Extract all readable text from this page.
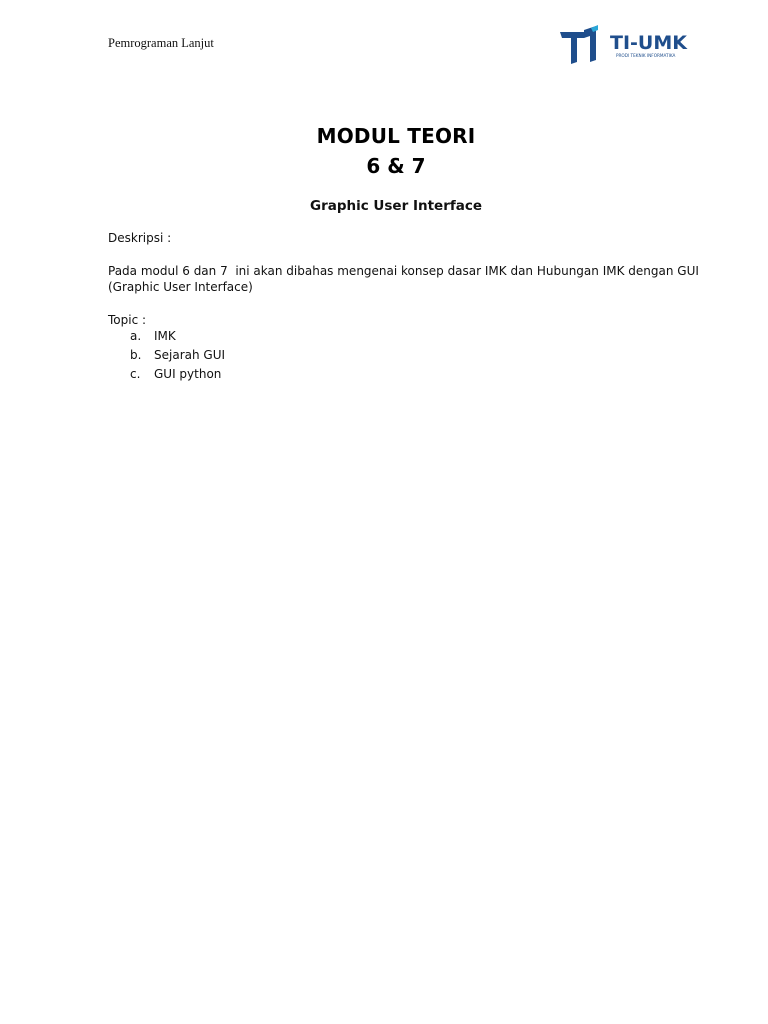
Pemrograman Lanjut	TI-UMK
PRODI TEKNIK INFORMATIKA
MODUL TEORI
6 & 7
Graphic User Interface
Deskripsi :
Pada modul 6 dan 7  ini akan dibahas mengenai konsep dasar IMK dan Hubungan IMK dengan GUI
(Graphic User Interface)
Topic :
a.	IMK
b.	Sejarah GUI
c.	GUI python
